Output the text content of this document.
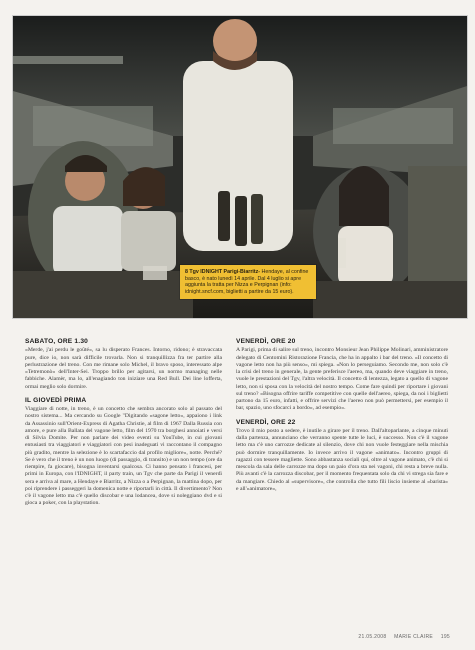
8 Tgv IDNIGHT Parigi-Biarritz- Hendaye, al confine basco, è nato lunedì 14 aprile. Dal 4 luglio si apre aggiunta la tratta per Nizza e Perpignan (info: idnight.sncf.com, biglietti a partire da 15 euro).
SABATO, ORE 1.30

«Merde, j'ai perdu le goûté», sa lu disperato Frances. Intorno, ridono; è stravaccata pure, dice io, non sarà difficile trovarla. Non si tranquillizza fra ter partire alla perlustrazione del treno. Con me rimane solo Michel, il bravo sposo, interessato alpe «Tetremonò» dell'Inter-Sei. Troppo brillo per agitarsi, un normo managing nelle fabbiche. Alamèr, ma lo, all'enagiando ton iniziare una Red Bull. Dei line lofferta, ormai meglio solo dormire.

IL GIOVEDÌ PRIMA

Viaggiare di notte, in treno, è un concetto che sembra ancorato solo al passato del nostro sistema... Ma cercando su Google "Digitando «sagone letto», appaiono i link da Assassinio sull'Orient-Express di Agatha Christie, al film di 1967 Dalla Russia con amore, e pure alla Ballata del vagone letto, film del 1970 tra borghesi annoiati e versi di Silvia Domite. Per non parlare dei video eventi su YouTube, in cui giovani entusiasti tra viaggiatori e viaggiatori con pesi inadeguati vi raccontano il compagno più gradito, mentre la selezione è lo scartafaccio dal profilo migliore», notte. Perché? Se è vero che il treno è un non luogo (di passaggio, di transito) e un non tempo (ore da riempire, fa giocare), bisogna inventarsi qualcosa. Ci hanno pensato i francesi, per primi in Europa, con l'IDNIGHT, il party train, un Tgv che parte da Parigi il venerdì sera e arriva al mare, a Hendaye e Biarritz, a Nizza o a Perpignan, la mattina dopo, per poi riprendere i passeggeri la domenica notte e riportarli in città. Il divertimento? Non c'è il vagone letto ma c'è quello discobar e una lodancea, dove si noleggiano dvd e si gioca a poker, con la playstation.

VENERDÌ, ORE 20

A Parigi, prima di salire sul treno, incontro Monsieur Jean Philippe Molinari, amministratore delegato di Centomini Ristorazione Francia, che ha in appalto i bar del treno. «Il concetto di vagone letto non ha più senso», mi spiega. «Non lo perseguiamo. Secondo me, non solo c'è la crisi del treno in generale, la gente preferisce l'aereo, ma, quando deve viaggiare in treno, vuole le prestazioni del Tgv, l'altra velocità. Il concetto di lentezza, legato a quello di vagone letto, non si sposa con la velocità del nostro tempo. Come fare quindi per riportare i giovani sul treno? «Bisogna offrire tariffe competitive con quelle dell'aereo, spiega, da noi i biglietti partono da 15 euro, infatti, e offrire servizi che l'aereo non può permettersi, per esempio il bar, spazio, uno sfocarci a bordo», ad esempio».

VENERDÌ, ORE 22

Trovo il mio posto a sedere, è inutile a girare per il treno. Dall'altoparlante, a cinque minuti dalla partenza, annunciano che verranno spente tutte le luci, è successo. Non c'è il vagone letto ma c'è uno carrozze dedicate al silenzio, dove chi non vuole festeggiare nella mischia può dormire tranquillamente. Io invece arrivo il vagone «animato». Incontro gruppi di ragazzi con tessere magliette. Sono abbastanza sociali qui, oltre al vagone animato, c'è chi si mescola da sala delle carrozze ma dopo un paio d'ora sta nei vagoni, chi resta a breve nulla. Più avanti c'è la carrozza discobar, per il momento frequentata solo da chi vi strega sia fare e da mangiare. Chiedo al «supervisore», che controlla che tutto fili liscio insieme al «barista» e all'«animatore»,

21.05.2008 MARIE CLAIRE 195
